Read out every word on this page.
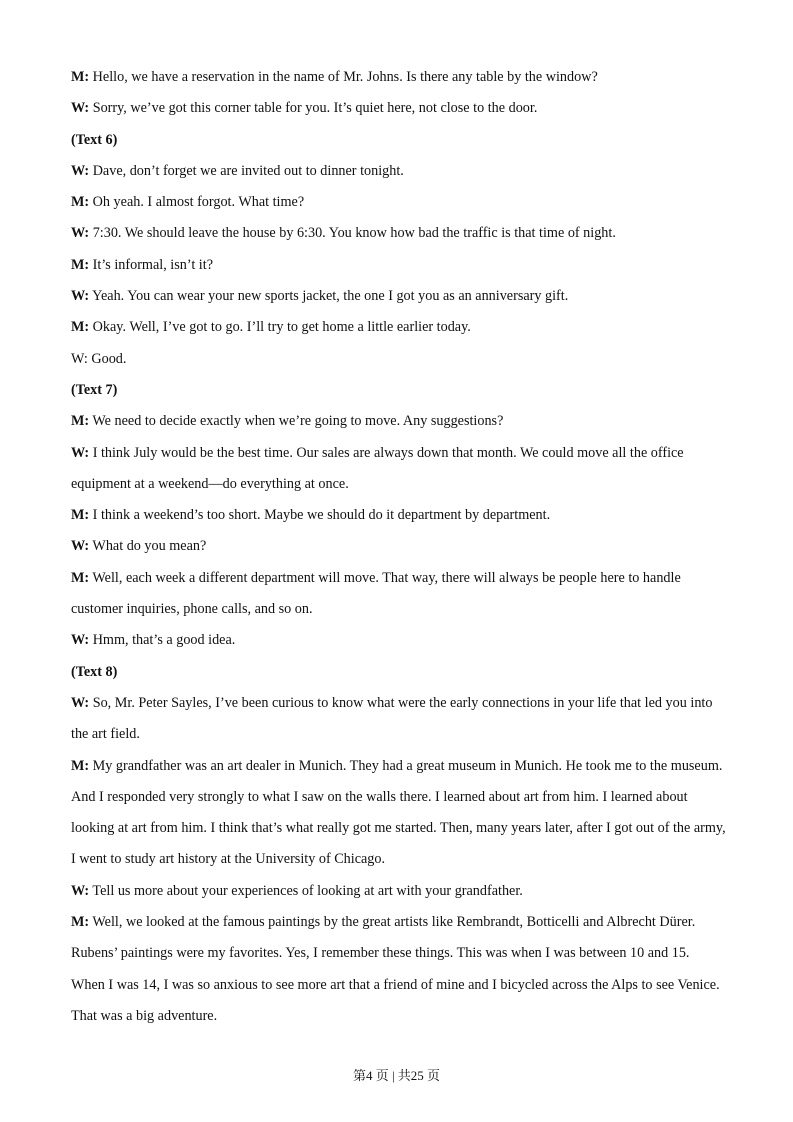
M: Hello, we have a reservation in the name of Mr. Johns. Is there any table by the window?
W: Sorry, we’ve got this corner table for you. It’s quiet here, not close to the door.
(Text 6)
W: Dave, don’t forget we are invited out to dinner tonight.
M: Oh yeah. I almost forgot. What time?
W: 7:30. We should leave the house by 6:30. You know how bad the traffic is that time of night.
M: It’s informal, isn’t it?
W: Yeah. You can wear your new sports jacket, the one I got you as an anniversary gift.
M: Okay. Well, I’ve got to go. I’ll try to get home a little earlier today.
W: Good.
(Text 7)
M: We need to decide exactly when we’re going to move. Any suggestions?
W: I think July would be the best time. Our sales are always down that month. We could move all the office
equipment at a weekend—do everything at once.
M: I think a weekend’s too short. Maybe we should do it department by department.
W: What do you mean?
M: Well, each week a different department will move. That way, there will always be people here to handle
customer inquiries, phone calls, and so on.
W: Hmm, that’s a good idea.
(Text 8)
W: So, Mr. Peter Sayles, I’ve been curious to know what were the early connections in your life that led you into
the art field.
M: My grandfather was an art dealer in Munich. They had a great museum in Munich. He took me to the museum.
And I responded very strongly to what I saw on the walls there. I learned about art from him. I learned about
looking at art from him. I think that’s what really got me started. Then, many years later, after I got out of the army,
I went to study art history at the University of Chicago.
W: Tell us more about your experiences of looking at art with your grandfather.
M: Well, we looked at the famous paintings by the great artists like Rembrandt, Botticelli and Albrecht Dürer.
Rubens’ paintings were my favorites. Yes, I remember these things. This was when I was between 10 and 15.
When I was 14, I was so anxious to see more art that a friend of mine and I bicycled across the Alps to see Venice.
That was a big adventure.
第4 页 | 共25 页
